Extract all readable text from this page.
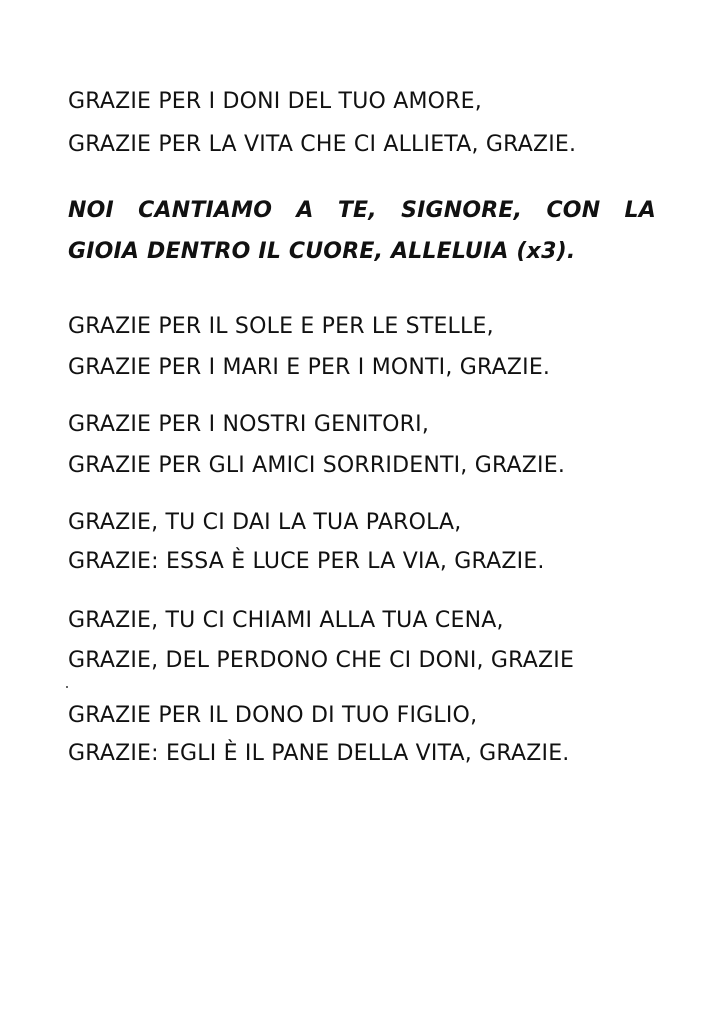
GRAZIE PER I DONI DEL TUO AMORE,

GRAZIE PER LA VITA CHE CI ALLIETA, GRAZIE.

NOI CANTIAMO A TE, SIGNORE, CON LA

GIOIA DENTRO IL CUORE, ALLELUIA (x3).

GRAZIE PER IL SOLE E PER LE STELLE,

GRAZIE PER I MARI E PER I MONTI, GRAZIE.

GRAZIE PER I NOSTRI GENITORI,

GRAZIE PER GLI AMICI SORRIDENTI, GRAZIE.

GRAZIE, TU CI DAI LA TUA PAROLA,

GRAZIE: ESSA È LUCE PER LA VIA, GRAZIE.

GRAZIE, TU CI CHIAMI ALLA TUA CENA,

GRAZIE, DEL PERDONO CHE CI DONI, GRAZIE

GRAZIE PER IL DONO DI TUO FIGLIO,

GRAZIE: EGLI È IL PANE DELLA VITA, GRAZIE.
